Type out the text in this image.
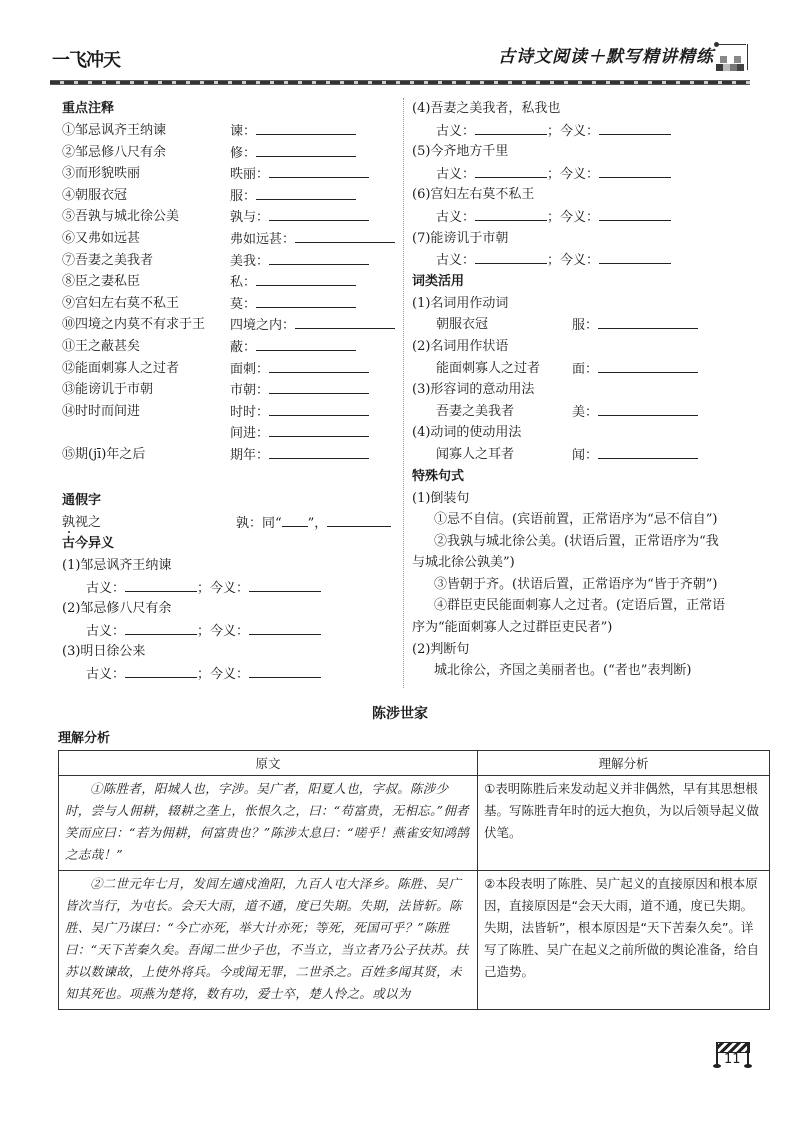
一飞冲天	古诗文阅读＋默写精讲精练
重点注释
①邹忌讽齐王纳谏	谏：
②邹忌修八尺有余	修：
③而形貌昳丽	昳丽：
④朝服衣冠	服：
⑤吾孰与城北徐公美	孰与：
⑥又弗如远甚	弗如远甚：
⑦吾妻之美我者	美我：
⑧臣之妻私臣	私：
⑨宫妇左右莫不私王	莫：
⑩四境之内莫不有求于王 四境之内：
⑪王之蔽甚矣	蔽：
⑫能面刺寡人之过者	面刺：
⑬能谤讥于市朝	市朝：
⑭时时而间进	时时：
间进：
⑮期(jī)年之后	期年：
通假字
孰视之	孰：同“ ”，
古今异义
(1)邹忌讽齐王纳谏
古义：	；今义：
(2)邹忌修八尺有余
古义：	；今义：
(3)明日徐公来
古义：	；今义：
(4)吾妻之美我者，私我也
古义：	；今义：
(5)今齐地方千里
古义：	；今义：
(6)宫妇左右莫不私王
古义：	；今义：
(7)能谤讥于市朝
古义：	；今义：
词类活用
(1)名词用作动词
朝服衣冠	服：
(2)名词用作状语
能面刺寡人之过者 面：
(3)形容词的意动用法
吾妻之美我者	美：
(4)动词的使动用法
闻寡人之耳者	闻：
特殊句式
(1)倒装句
①忌不自信。(宾语前置，正常语序为“忌不信自”)
②我孰与城北徐公美。(状语后置，正常语序为“我
与城北徐公孰美”)
③皆朝于齐。(状语后置，正常语序为“皆于齐朝”)
④群臣吏民能面刺寡人之过者。(定语后置，正常语
序为“能面刺寡人之过群臣吏民者”)
(2)判断句
城北徐公，齐国之美丽者也。(“者也”表判断)
陈涉世家
理解分析
原文	理解分析

①陈胜者，阳城人也，字涉。吴广者，阳夏人也，字叔。陈涉少时，尝与人佣耕，辍耕之垄上，怅恨久之，曰：“苟富贵，无相忘。”佣者笑而应曰：“若为佣耕，何富贵也？”陈涉太息曰：“嗟乎！燕雀安知鸿鹄之志哉！”	①表明陈胜后来发动起义并非偶然，早有其思想根基。写陈胜青年时的远大抱负，为以后领导起义做伏笔。

②二世元年七月，发闾左適戍渔阳，九百人屯大泽乡。陈胜、吴广皆次当行，为屯长。会天大雨，道不通，度已失期。失期，法皆斩。陈胜、吴广乃谋曰：“今亡亦死，举大计亦死；等死，死国可乎？”陈胜曰：“天下苦秦久矣。吾闻二世少子也，不当立，当立者乃公子扶苏。扶苏以数谏故，上使外将兵。今或闻无罪，二世杀之。百姓多闻其贤，未知其死也。项燕为楚将，数有功，爱士卒，楚人怜之。或以为	②本段表明了陈胜、吴广起义的直接原因和根本原因，直接原因是“会天大雨，道不通，度已失期。失期，法皆斩”，根本原因是“天下苦秦久矣”。详写了陈胜、吴广在起义之前所做的舆论准备，给自己造势。
11
